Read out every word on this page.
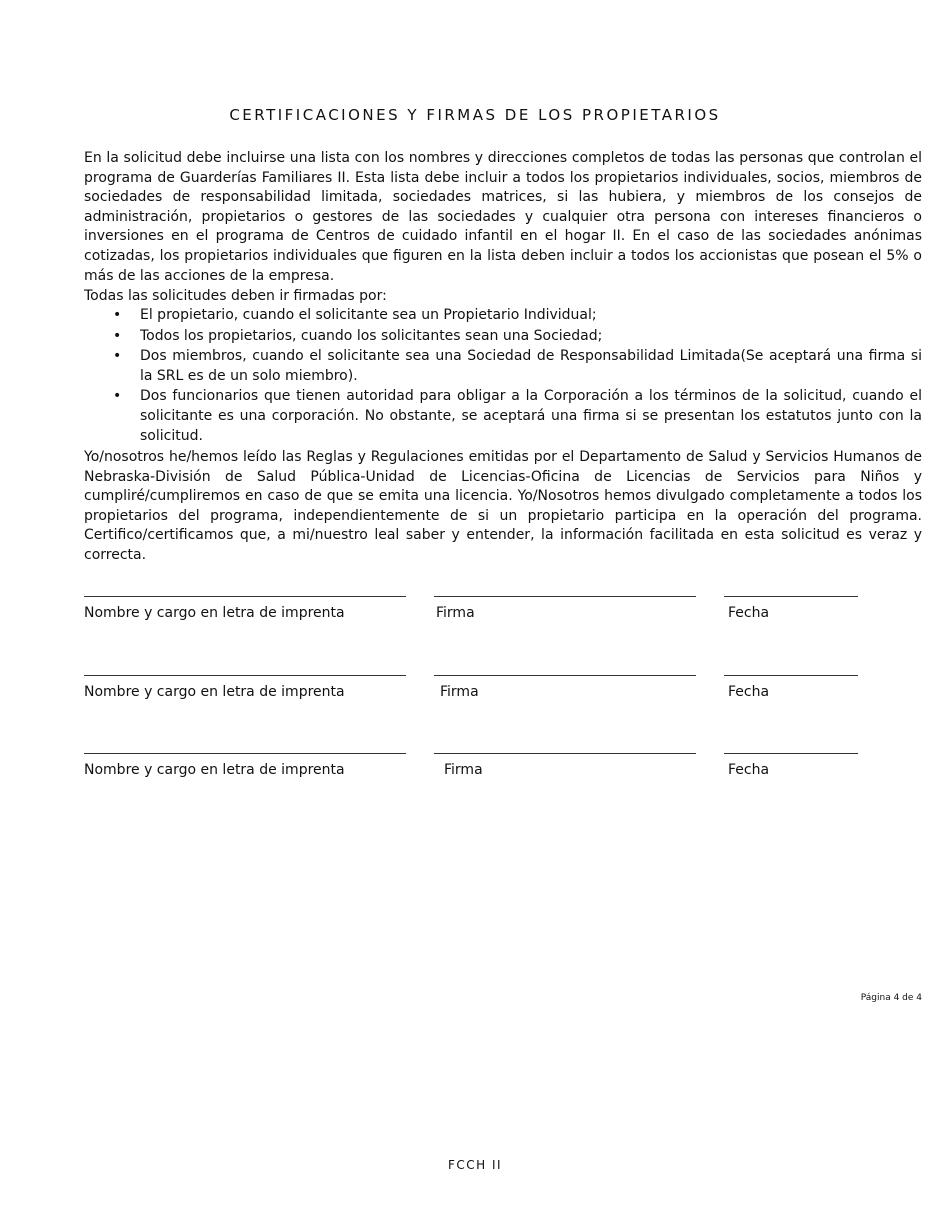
CERTIFICACIONES Y FIRMAS DE LOS PROPIETARIOS

En la solicitud debe incluirse una lista con los nombres y direcciones completos de todas las personas que controlan el programa de Guarderías Familiares II. Esta lista debe incluir a todos los propietarios individuales, socios, miembros de sociedades de responsabilidad limitada, sociedades matrices, si las hubiera, y miembros de los consejos de administración, propietarios o gestores de las sociedades y cualquier otra persona con intereses financieros o inversiones en el programa de Centros de cuidado infantil en el hogar II. En el caso de las sociedades anónimas cotizadas, los propietarios individuales que figuren en la lista deben incluir a todos los accionistas que posean el 5% o más de las acciones de la empresa.

Todas las solicitudes deben ir firmadas por:
• El propietario, cuando el solicitante sea un Propietario Individual;
• Todos los propietarios, cuando los solicitantes sean una Sociedad;
• Dos miembros, cuando el solicitante sea una Sociedad de Responsabilidad Limitada(Se aceptará una firma si la SRL es de un solo miembro).
• Dos funcionarios que tienen autoridad para obligar a la Corporación a los términos de la solicitud, cuando el solicitante es una corporación. No obstante, se aceptará una firma si se presentan los estatutos junto con la solicitud.

Yo/nosotros he/hemos leído las Reglas y Regulaciones emitidas por el Departamento de Salud y Servicios Humanos de Nebraska-División de Salud Pública-Unidad de Licencias-Oficina de Licencias de Servicios para Niños y cumpliré/cumpliremos en caso de que se emita una licencia. Yo/Nosotros hemos divulgado completamente a todos los propietarios del programa, independientemente de si un propietario participa en la operación del programa. Certifico/certificamos que, a mi/nuestro leal saber y entender, la información facilitada en esta solicitud es veraz y correcta.

Nombre y cargo en letra de imprenta	Firma	Fecha
Nombre y cargo en letra de imprenta	Firma	Fecha
Nombre y cargo en letra de imprenta	Firma	Fecha
Página 4 de 4
FCCH II
